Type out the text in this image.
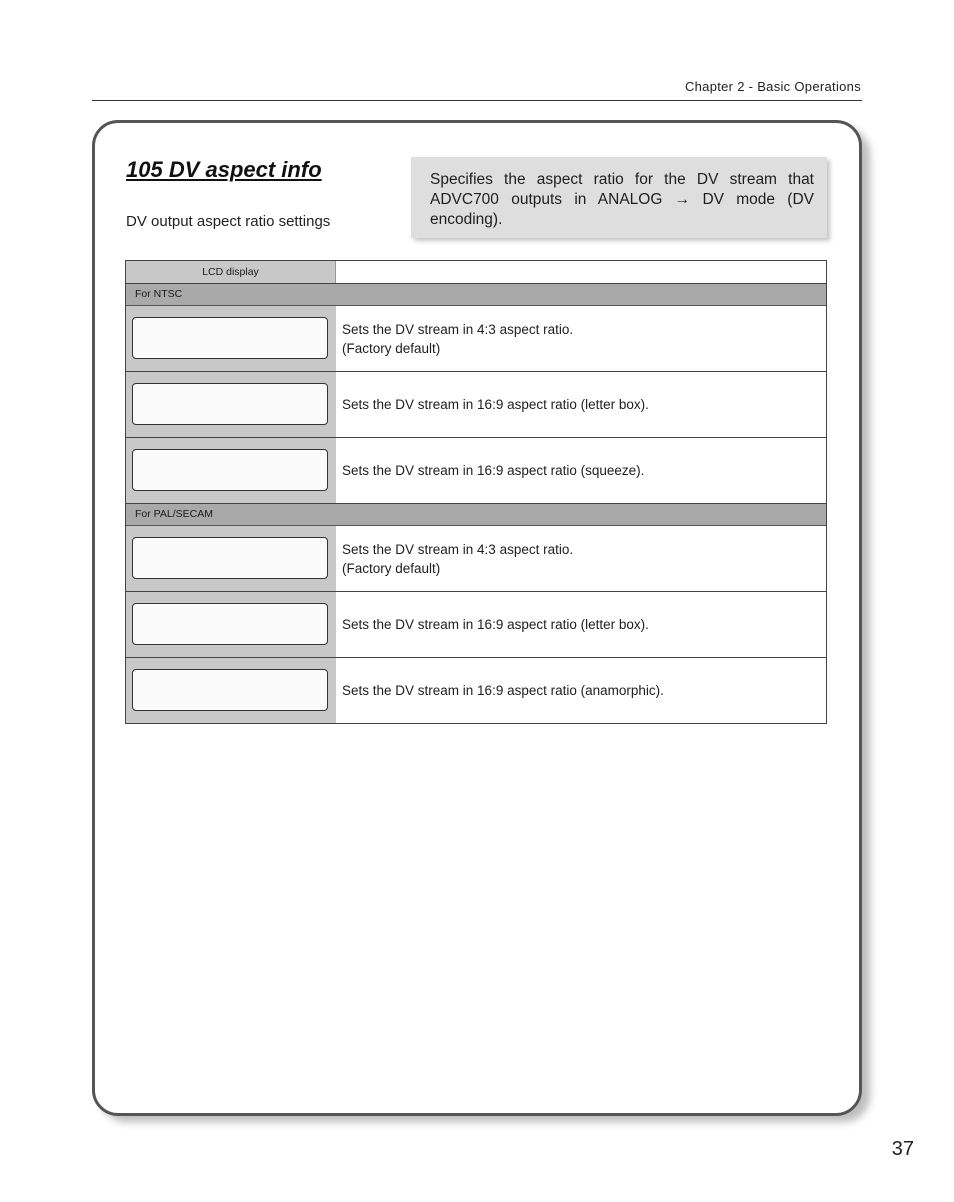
Chapter 2 - Basic Operations
105 DV aspect info
DV output aspect ratio settings
Specifies the aspect ratio for the DV stream that ADVC700 outputs in ANALOG → DV mode (DV encoding).
LCD display
For NTSC

Sets the DV stream in 4:3 aspect ratio.
(Factory default)

Sets the DV stream in 16:9 aspect ratio (letter box).

Sets the DV stream in 16:9 aspect ratio (squeeze).
For PAL/SECAM

Sets the DV stream in 4:3 aspect ratio.
(Factory default)

Sets the DV stream in 16:9 aspect ratio (letter box).

Sets the DV stream in 16:9 aspect ratio (anamorphic).
37
